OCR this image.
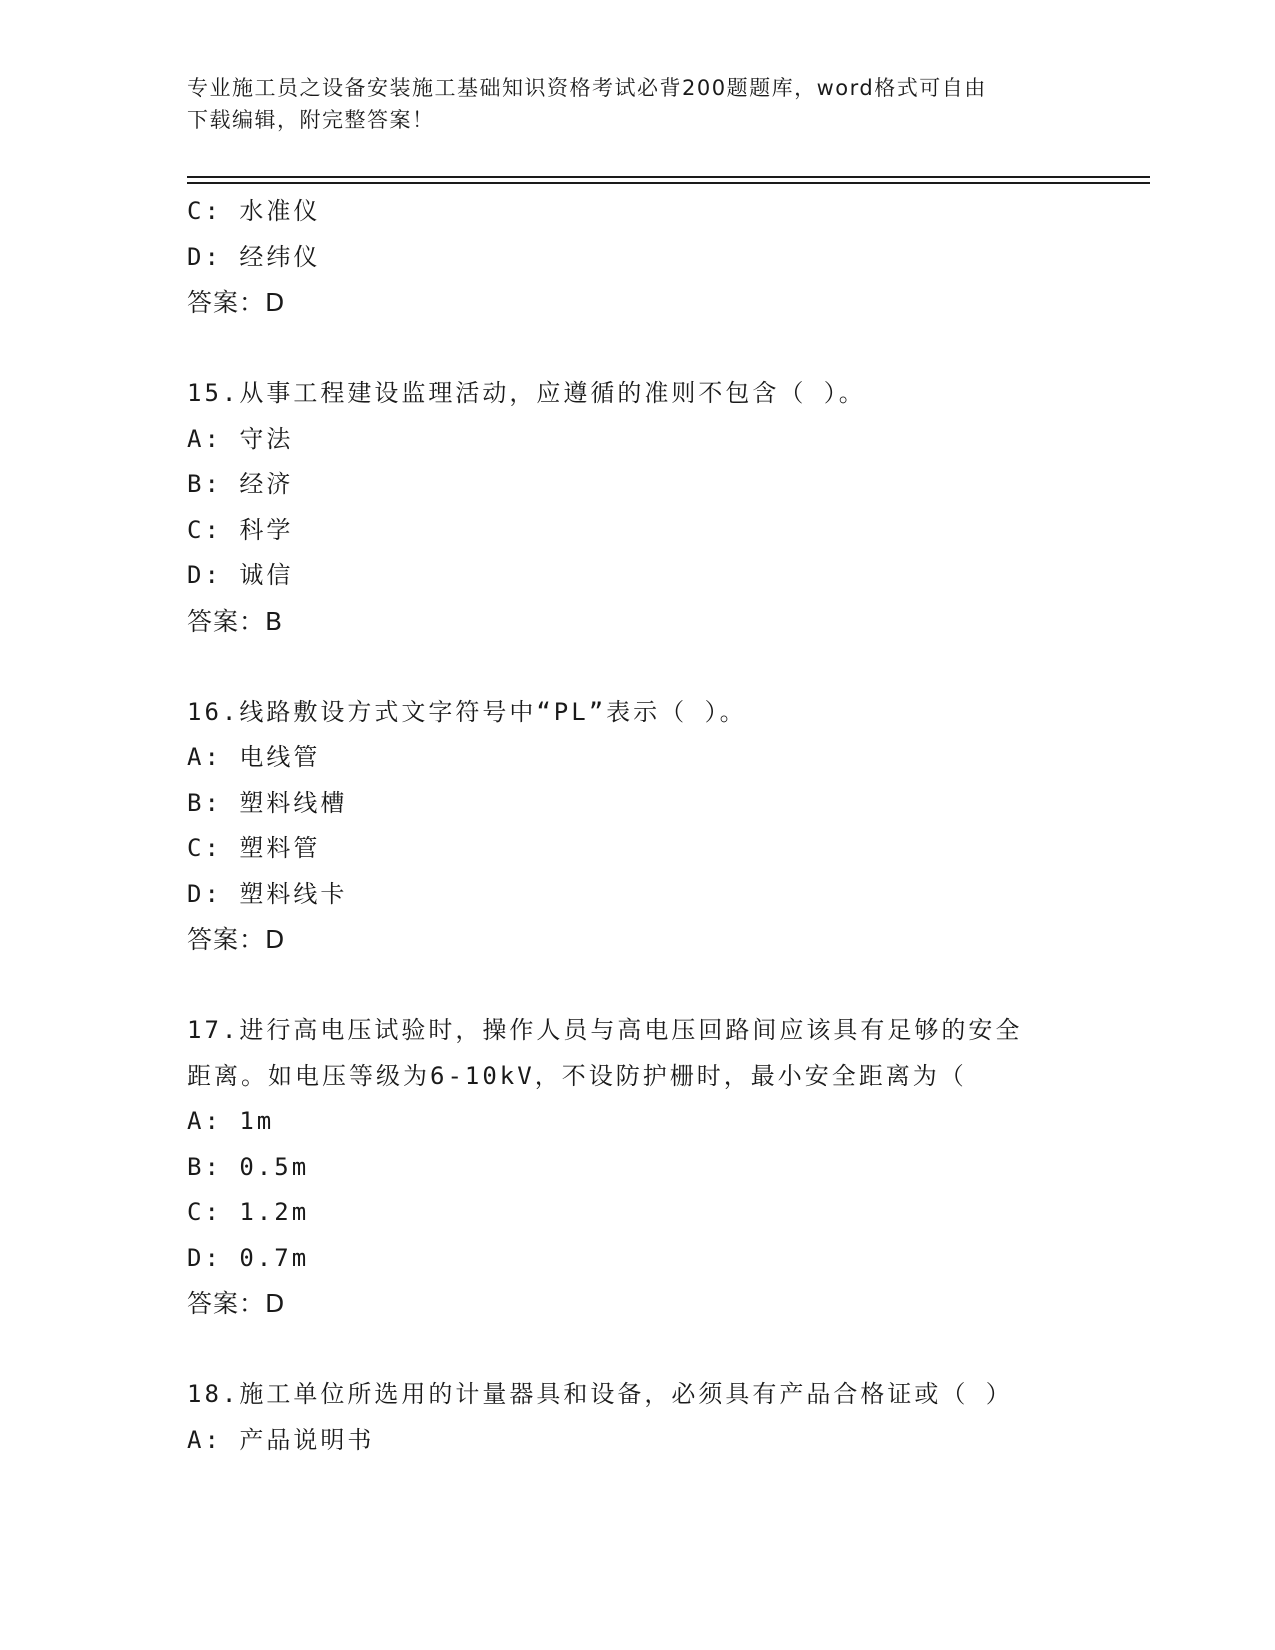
专业施工员之设备安装施工基础知识资格考试必背200题题库，word格式可自由
下载编辑，附完整答案！
C: 水准仪
D: 经纬仪
答案：D
15.从事工程建设监理活动，应遵循的准则不包含（ ）。
A: 守法
B: 经济
C: 科学
D: 诚信
答案：B
16.线路敷设方式文字符号中“PL”表示（ ）。
A: 电线管
B: 塑料线槽
C: 塑料管
D: 塑料线卡
答案：D
17.进行高电压试验时，操作人员与高电压回路间应该具有足够的安全
距离。如电压等级为6-10kV，不设防护栅时，最小安全距离为（
A: 1m
B: 0.5m
C: 1.2m
D: 0.7m
答案：D
18.施工单位所选用的计量器具和设备，必须具有产品合格证或（ ）
A: 产品说明书
